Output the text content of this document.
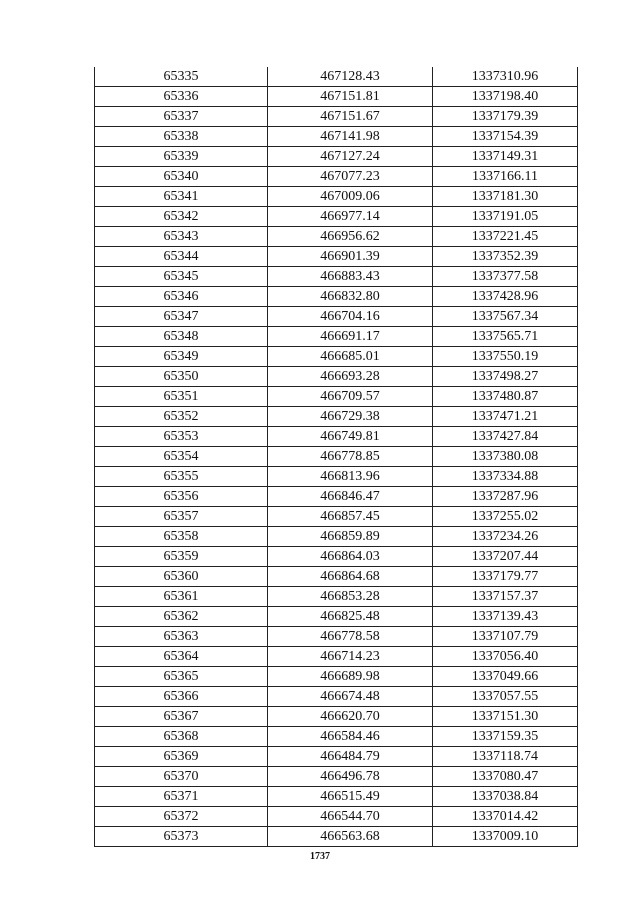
65335	467128.43	1337310.96
65336	467151.81	1337198.40
65337	467151.67	1337179.39
65338	467141.98	1337154.39
65339	467127.24	1337149.31
65340	467077.23	1337166.11
65341	467009.06	1337181.30
65342	466977.14	1337191.05
65343	466956.62	1337221.45
65344	466901.39	1337352.39
65345	466883.43	1337377.58
65346	466832.80	1337428.96
65347	466704.16	1337567.34
65348	466691.17	1337565.71
65349	466685.01	1337550.19
65350	466693.28	1337498.27
65351	466709.57	1337480.87
65352	466729.38	1337471.21
65353	466749.81	1337427.84
65354	466778.85	1337380.08
65355	466813.96	1337334.88
65356	466846.47	1337287.96
65357	466857.45	1337255.02
65358	466859.89	1337234.26
65359	466864.03	1337207.44
65360	466864.68	1337179.77
65361	466853.28	1337157.37
65362	466825.48	1337139.43
65363	466778.58	1337107.79
65364	466714.23	1337056.40
65365	466689.98	1337049.66
65366	466674.48	1337057.55
65367	466620.70	1337151.30
65368	466584.46	1337159.35
65369	466484.79	1337118.74
65370	466496.78	1337080.47
65371	466515.49	1337038.84
65372	466544.70	1337014.42
65373	466563.68	1337009.10
1737
